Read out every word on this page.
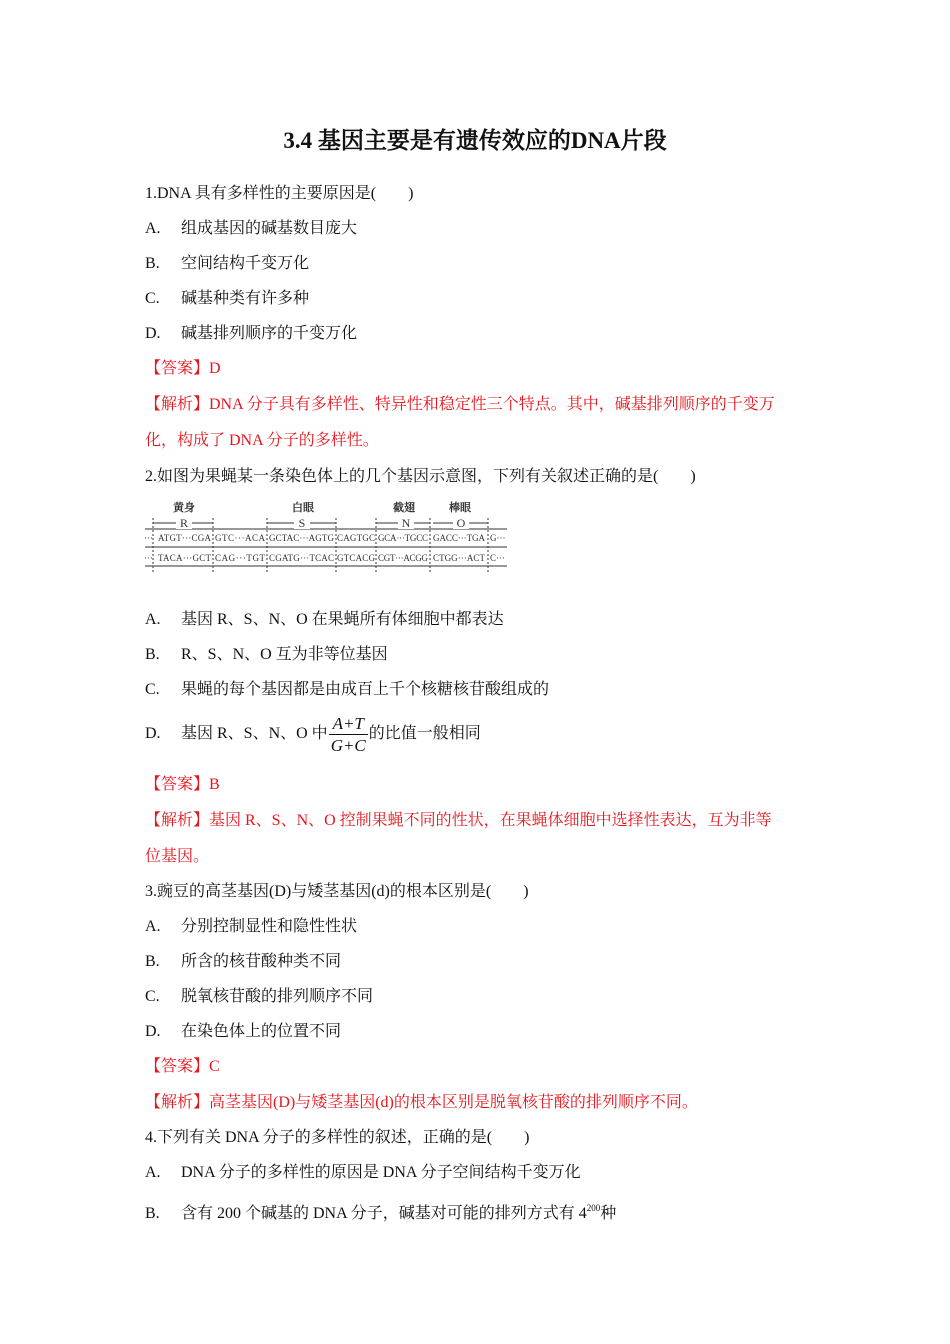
3.4 基因主要是有遗传效应的DNA片段
1.DNA 具有多样性的主要原因是(　　)
A. 组成基因的碱基数目庞大
B. 空间结构千变万化
C. 碱基种类有许多种
D. 碱基排列顺序的千变万化
【答案】D
【解析】DNA 分子具有多样性、特异性和稳定性三个特点。其中，碱基排列顺序的千变万
化，构成了 DNA 分子的多样性。
2.如图为果蝇某一条染色体上的几个基因示意图，下列有关叙述正确的是(　　)
黄身	白眼	截翅	棒眼
R	S	N	O
··· ATGT···CGA GTC···ACA GCTAC···AGTG CAGTGC GCA···TGCC GACC···TGA G···
··· TACA···GCT CAG···TGT CGATG···TCAC GTCACG CGT···ACGG CTGG···ACT C···
A. 基因 R、S、N、O 在果蝇所有体细胞中都表达
B. R、S、N、O 互为非等位基因
C. 果蝇的每个基因都是由成百上千个核糖核苷酸组成的
D. 基因 R、S、N、O 中 $\frac{A+T}{G+C}$ 的比值一般相同
【答案】B
【解析】基因 R、S、N、O 控制果蝇不同的性状，在果蝇体细胞中选择性表达，互为非等
位基因。
3.豌豆的高茎基因(D)与矮茎基因(d)的根本区别是(　　)
A. 分别控制显性和隐性性状
B. 所含的核苷酸种类不同
C. 脱氧核苷酸的排列顺序不同
D. 在染色体上的位置不同
【答案】C
【解析】高茎基因(D)与矮茎基因(d)的根本区别是脱氧核苷酸的排列顺序不同。
4.下列有关 DNA 分子的多样性的叙述，正确的是(　　)
A. DNA 分子的多样性的原因是 DNA 分子空间结构千变万化
B. 含有 200 个碱基的 DNA 分子，碱基对可能的排列方式有 $4^{200}$种
